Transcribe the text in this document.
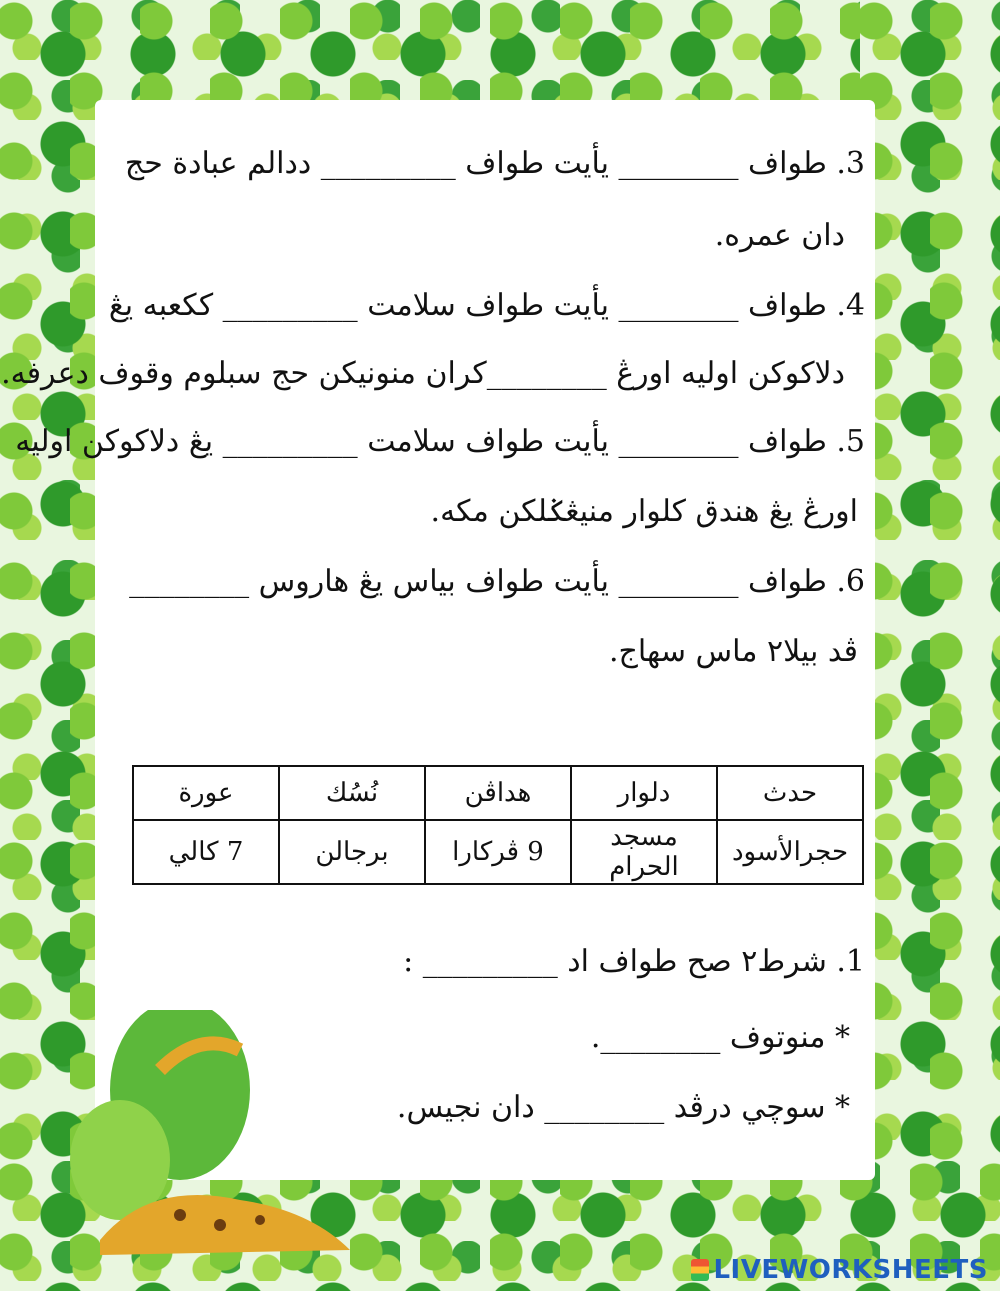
3. طواف ________ يأيت طواف _________ ددالم عبادة حج
دان عمره.
4. طواف ________ يأيت طواف سلامت _________ ككعبه يڠ
دلاکوکن اوليه اورڠ ________كران منونيكن حج سبلوم وقوف دعرفه.
5. طواف ________ يأيت طواف سلامت _________ يڠ دلاکوکن اوليه
اورڠ يڠ هندق كلوار منيڠݢلكن مكه.
6. طواف ________ يأيت طواف بياس يڠ هاروس ________
ڤد بيلا٢ ماس سهاج.
حدث	دلوار	هداڤن	نُسُك	عورة
حجرالأسود	مسجد الحرام	9 ڤركارا	برجالن	7 كالي
1. شرط٢ صح طواف اد _________ :
* منوتوف ________.
* سوچي درڤد ________ دان نجيس.
LIVEWORKSHEETS
